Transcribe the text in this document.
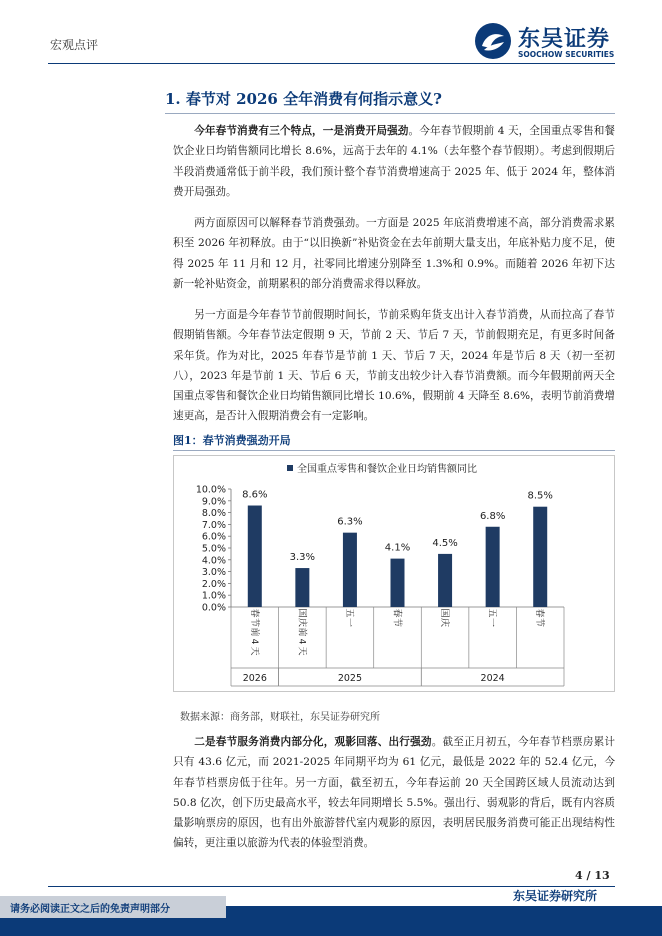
宏观点评	东吴证券
SOOCHOW SECURITIES
1. 春节对 2026 全年消费有何指示意义?
今年春节消费有三个特点，一是消费开局强劲。今年春节假期前 4 天，全国重点零售和餐饮企业日均销售额同比增长 8.6%，远高于去年的 4.1%（去年整个春节假期）。考虑到假期后半段消费通常低于前半段，我们预计整个春节消费增速高于 2025 年、低于 2024 年，整体消费开局强劲。
两方面原因可以解释春节消费强劲。一方面是 2025 年底消费增速不高，部分消费需求累积至 2026 年初释放。由于“以旧换新”补贴资金在去年前期大量支出，年底补贴力度不足，使得 2025 年 11 月和 12 月，社零同比增速分别降至 1.3%和 0.9%。而随着 2026 年初下达新一轮补贴资金，前期累积的部分消费需求得以释放。
另一方面是今年春节节前假期时间长，节前采购年货支出计入春节消费，从而拉高了春节假期销售额。今年春节法定假期 9 天，节前 2 天、节后 7 天，节前假期充足，有更多时间备采年货。作为对比，2025 年春节是节前 1 天、节后 7 天，2024 年是节后 8 天（初一至初八），2023 年是节前 1 天、节后 6 天，节前支出较少计入春节消费额。而今年假期前两天全国重点零售和餐饮企业日均销售额同比增长 10.6%，假期前 4 天降至 8.6%，表明节前消费增速更高，是否计入假期消费会有一定影响。
图1：春节消费强劲开局
全国重点零售和餐饮企业日均销售额同比
0.0%
1.0%
2.0%
3.0%
4.0%
5.0%
6.0%
7.0%
8.0%
9.0%
10.0% 8.6%
春
节
前
4
天
3.3%
国
庆
前
4
天
6.3%
五
一
4.1%
春
节
4.5%
国
庆
6.8%
五
一
8.5%
春
节
2026	2025	2024
数据来源：商务部，财联社，东吴证券研究所
二是春节服务消费内部分化，观影回落、出行强劲。截至正月初五，今年春节档票房累计只有 43.6 亿元，而 2021-2025 年同期平均为 61 亿元，最低是 2022 年的 52.4 亿元，今年春节档票房低于往年。另一方面，截至初五，今年春运前 20 天全国跨区域人员流动达到 50.8 亿次，创下历史最高水平，较去年同期增长 5.5%。强出行、弱观影的背后，既有内容质量影响票房的原因，也有出外旅游替代室内观影的原因，表明居民服务消费可能正出现结构性偏转，更注重以旅游为代表的体验型消费。
4 / 13
东吴证券研究所
请务必阅读正文之后的免责声明部分
